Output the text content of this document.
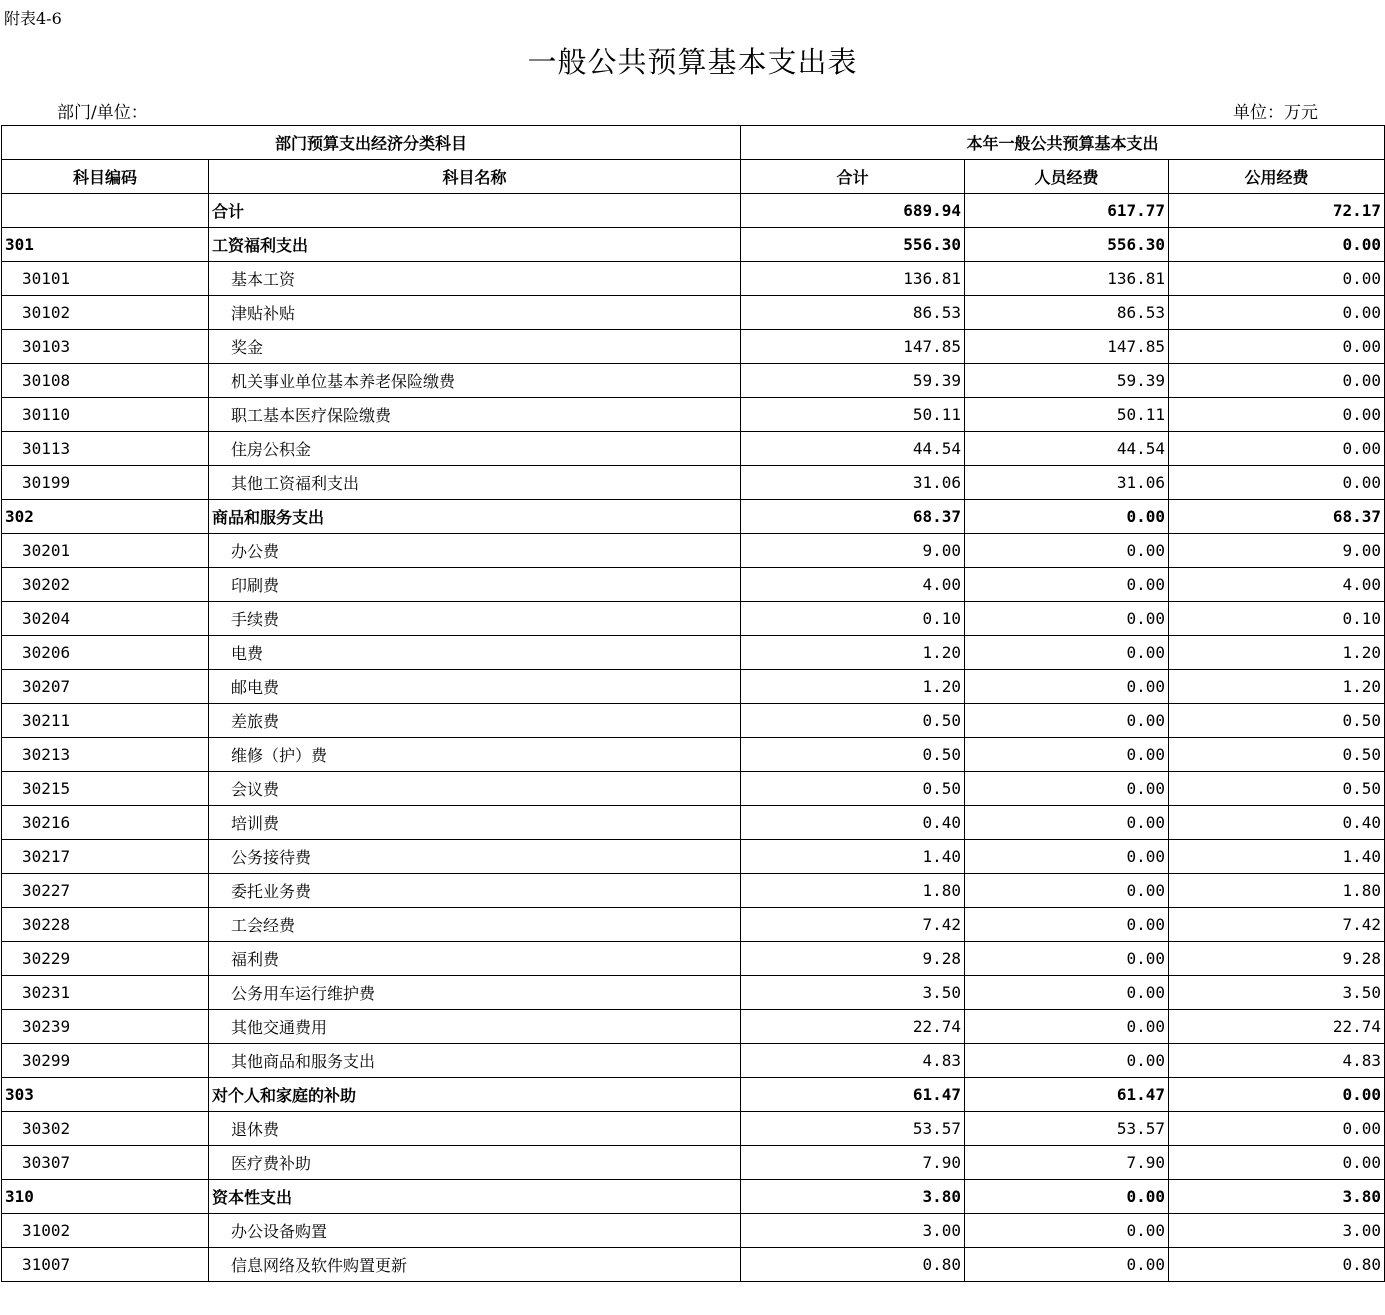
附表4-6
一般公共预算基本支出表
部门/单位：	单位：万元
部门预算支出经济分类科目		本年一般公共预算基本支出		
科目编码	科目名称	合计	人员经费	公用经费
	合计	689.94	617.77	72.17
301	工资福利支出	556.30	556.30	0.00
30101	基本工资	136.81	136.81	0.00
30102	津贴补贴	86.53	86.53	0.00
30103	奖金	147.85	147.85	0.00
30108	机关事业单位基本养老保险缴费	59.39	59.39	0.00
30110	职工基本医疗保险缴费	50.11	50.11	0.00
30113	住房公积金	44.54	44.54	0.00
30199	其他工资福利支出	31.06	31.06	0.00
302	商品和服务支出	68.37	0.00	68.37
30201	办公费	9.00	0.00	9.00
30202	印刷费	4.00	0.00	4.00
30204	手续费	0.10	0.00	0.10
30206	电费	1.20	0.00	1.20
30207	邮电费	1.20	0.00	1.20
30211	差旅费	0.50	0.00	0.50
30213	维修（护）费	0.50	0.00	0.50
30215	会议费	0.50	0.00	0.50
30216	培训费	0.40	0.00	0.40
30217	公务接待费	1.40	0.00	1.40
30227	委托业务费	1.80	0.00	1.80
30228	工会经费	7.42	0.00	7.42
30229	福利费	9.28	0.00	9.28
30231	公务用车运行维护费	3.50	0.00	3.50
30239	其他交通费用	22.74	0.00	22.74
30299	其他商品和服务支出	4.83	0.00	4.83
303	对个人和家庭的补助	61.47	61.47	0.00
30302	退休费	53.57	53.57	0.00
30307	医疗费补助	7.90	7.90	0.00
310	资本性支出	3.80	0.00	3.80
31002	办公设备购置	3.00	0.00	3.00
31007	信息网络及软件购置更新	0.80	0.00	0.80
